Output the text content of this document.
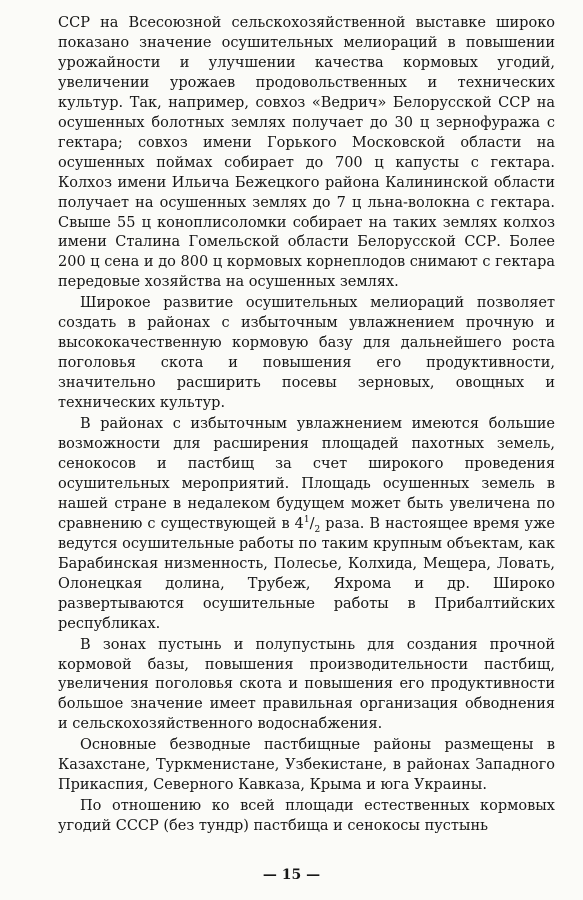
ССР на Всесоюзной сельскохозяйственной выставке широко показано значение осушительных мелиораций в повышении урожайности и улучшении качества кормовых угодий, увеличении урожаев продовольственных и технических культур. Так, например, совхоз «Ведрич» Белорусской ССР на осушенных болотных землях получает до 30 ц зернофуража с гектара; совхоз имени Горького Московской области на осушенных поймах собирает до 700 ц капусты с гектара. Колхоз имени Ильича Бежецкого района Калининской области получает на осушенных землях до 7 ц льна-волокна с гектара. Свыше 55 ц коноплисоломки собирает на таких землях колхоз имени Сталина Гомельской области Белорусской ССР. Более 200 ц сена и до 800 ц кормовых корнеплодов снимают с гектара передовые хозяйства на осушенных землях.

Широкое развитие осушительных мелиораций позволяет создать в районах с избыточным увлажнением прочную и высококачественную кормовую базу для дальнейшего роста поголовья скота и повышения его продуктивности, значительно расширить посевы зерновых, овощных и технических культур.

В районах с избыточным увлажнением имеются большие возможности для расширения площадей пахотных земель, сенокосов и пастбищ за счет широкого проведения осушительных мероприятий. Площадь осушенных земель в нашей стране в недалеком будущем может быть увеличена по сравнению с существующей в $4^1/_2$ раза. В настоящее время уже ведутся осушительные работы по таким крупным объектам, как Барабинская низменность, Полесье, Колхида, Мещера, Ловать, Олонецкая долина, Трубеж, Яхрома и др. Широко развертываются осушительные работы в Прибалтийских республиках.

В зонах пустынь и полупустынь для создания прочной кормовой базы, повышения производительности пастбищ, увеличения поголовья скота и повышения его продуктивности большое значение имеет правильная организация обводнения и сельскохозяйственного водоснабжения.

Основные безводные пастбищные районы размещены в Казахстане, Туркменистане, Узбекистане, в районах Западного Прикаспия, Северного Кавказа, Крыма и юга Украины.

По отношению ко всей площади естественных кормовых угодий СССР (без тундр) пастбища и сенокосы пустынь

— 15 —
